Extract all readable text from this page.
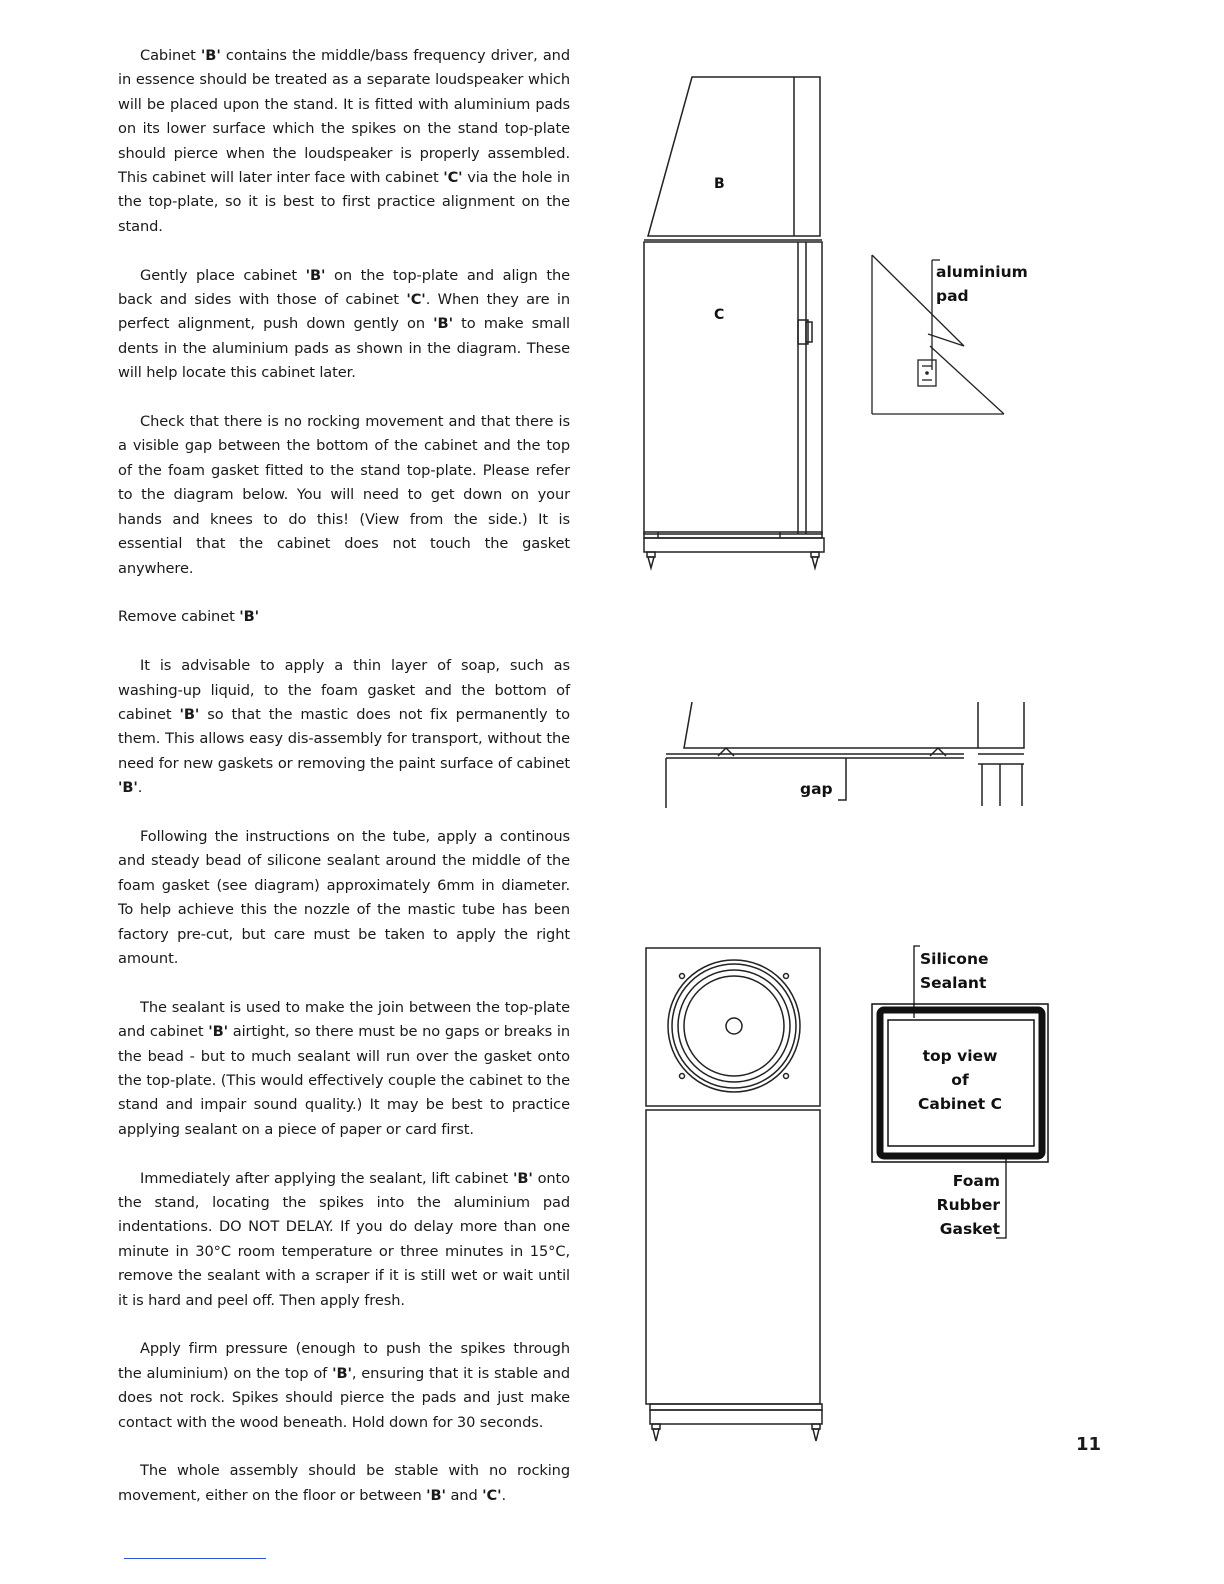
Cabinet 'B' contains the middle/bass frequency driver, and in essence should be treated as a separate loudspeaker which will be placed upon the stand. It is fitted with aluminium pads on its lower surface which the spikes on the stand top-plate should pierce when the loudspeaker is properly assembled. This cabinet will later inter face with cabinet 'C' via the hole in the top-plate, so it is best to first practice alignment on the stand.

Gently place cabinet 'B' on the top-plate and align the back and sides with those of cabinet 'C'. When they are in perfect alignment, push down gently on 'B' to make small dents in the aluminium pads as shown in the diagram. These will help locate this cabinet later.

Check that there is no rocking movement and that there is a visible gap between the bottom of the cabinet and the top of the foam gasket fitted to the stand top-plate. Please refer to the diagram below. You will need to get down on your hands and knees to do this! (View from the side.) It is essential that the cabinet does not touch the gasket anywhere.

Remove cabinet 'B'

It is advisable to apply a thin layer of soap, such as washing-up liquid, to the foam gasket and the bottom of cabinet 'B' so that the mastic does not fix permanently to them. This allows easy dis-assembly for transport, without the need for new gaskets or removing the paint surface of cabinet 'B'.

Following the instructions on the tube, apply a continous and steady bead of silicone sealant around the middle of the foam gasket (see diagram) approximately 6mm in diameter. To help achieve this the nozzle of the mastic tube has been factory pre-cut, but care must be taken to apply the right amount.

The sealant is used to make the join between the top-plate and cabinet 'B' airtight, so there must be no gaps or breaks in the bead - but to much sealant will run over the gasket onto the top-plate. (This would effectively couple the cabinet to the stand and impair sound quality.) It may be best to practice applying sealant on a piece of paper or card first.

Immediately after applying the sealant, lift cabinet 'B' onto the stand, locating the spikes into the aluminium pad indentations. DO NOT DELAY. If you do delay more than one minute in 30°C room temperature or three minutes in 15°C, remove the sealant with a scraper if it is still wet or wait until it is hard and peel off. Then apply fresh.

Apply firm pressure (enough to push the spikes through the aluminium) on the top of 'B', ensuring that it is stable and does not rock. Spikes should pierce the pads and just make contact with the wood beneath. Hold down for 30 seconds.

The whole assembly should be stable with no rocking movement, either on the floor or between 'B' and 'C'.

B
C
aluminium
pad
gap
Silicone
Sealant
top view
of
Cabinet C
Foam
Rubber
Gasket
11
